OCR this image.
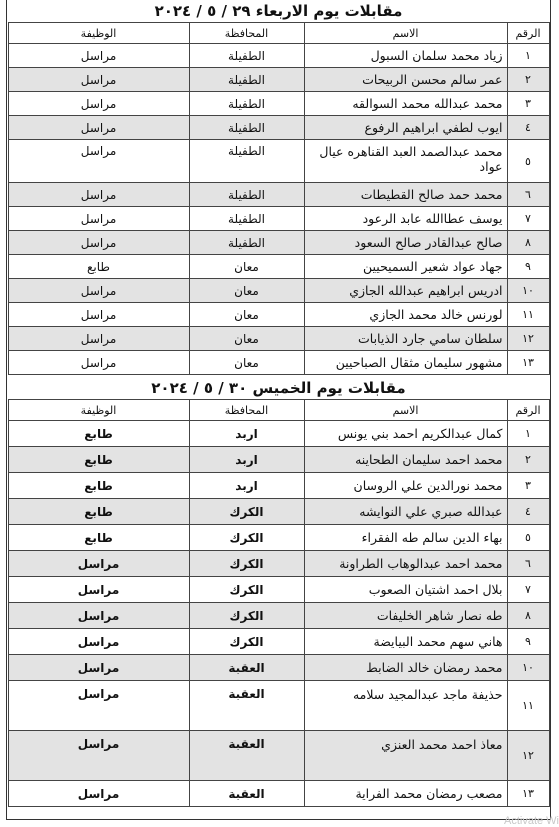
مقابلات يوم الاربعاء ٢٩ / ٥ / ٢٠٢٤
الرقم	الاسم	المحافظة	الوظيفة
١	زياد محمد سلمان السبول	الطفيلة	مراسل
٢	عمر سالم محسن الربيحات	الطفيلة	مراسل
٣	محمد عبدالله محمد السوالقه	الطفيلة	مراسل
٤	ايوب لطفي ابراهيم الرفوع	الطفيلة	مراسل
٥	محمد عبدالصمد العبد القناهره عيال عواد	الطفيلة	مراسل
٦	محمد حمد صالح القطيطات	الطفيلة	مراسل
٧	يوسف عطاالله عابد الرعود	الطفيلة	مراسل
٨	صالح عبدالقادر صالح السعود	الطفيلة	مراسل
٩	جهاد عواد شعير السميحيين	معان	طابع
١٠	ادريس ابراهيم عبدالله الجازي	معان	مراسل
١١	لورنس خالد محمد الجازي	معان	مراسل
١٢	سلطان سامي جارد الذيابات	معان	مراسل
١٣	مشهور سليمان مثقال الصباحيين	معان	مراسل
مقابلات يوم الخميس ٣٠ / ٥ / ٢٠٢٤
الرقم	الاسم	المحافظة	الوظيفة
١	كمال عبدالكريم احمد بني يونس	اربد	طابع
٢	محمد احمد سليمان الطحاينه	اربد	طابع
٣	محمد نورالدين علي الروسان	اربد	طابع
٤	عبدالله صبري علي النوايشه	الكرك	طابع
٥	بهاء الدين سالم طه الفقراء	الكرك	طابع
٦	محمد احمد عبدالوهاب الطراونة	الكرك	مراسل
٧	بلال احمد اشتيان الصعوب	الكرك	مراسل
٨	طه نصار شاهر الخليفات	الكرك	مراسل
٩	هاني سهم محمد البيايضة	الكرك	مراسل
١٠	محمد رمضان خالد الضابط	العقبة	مراسل
١١	حذيفة ماجد عبدالمجيد سلامه	العقبة	مراسل
١٢	معاذ احمد محمد العنزي	العقبة	مراسل
١٣	مصعب رمضان محمد الفراية	العقبة	مراسل
Activate Wi
